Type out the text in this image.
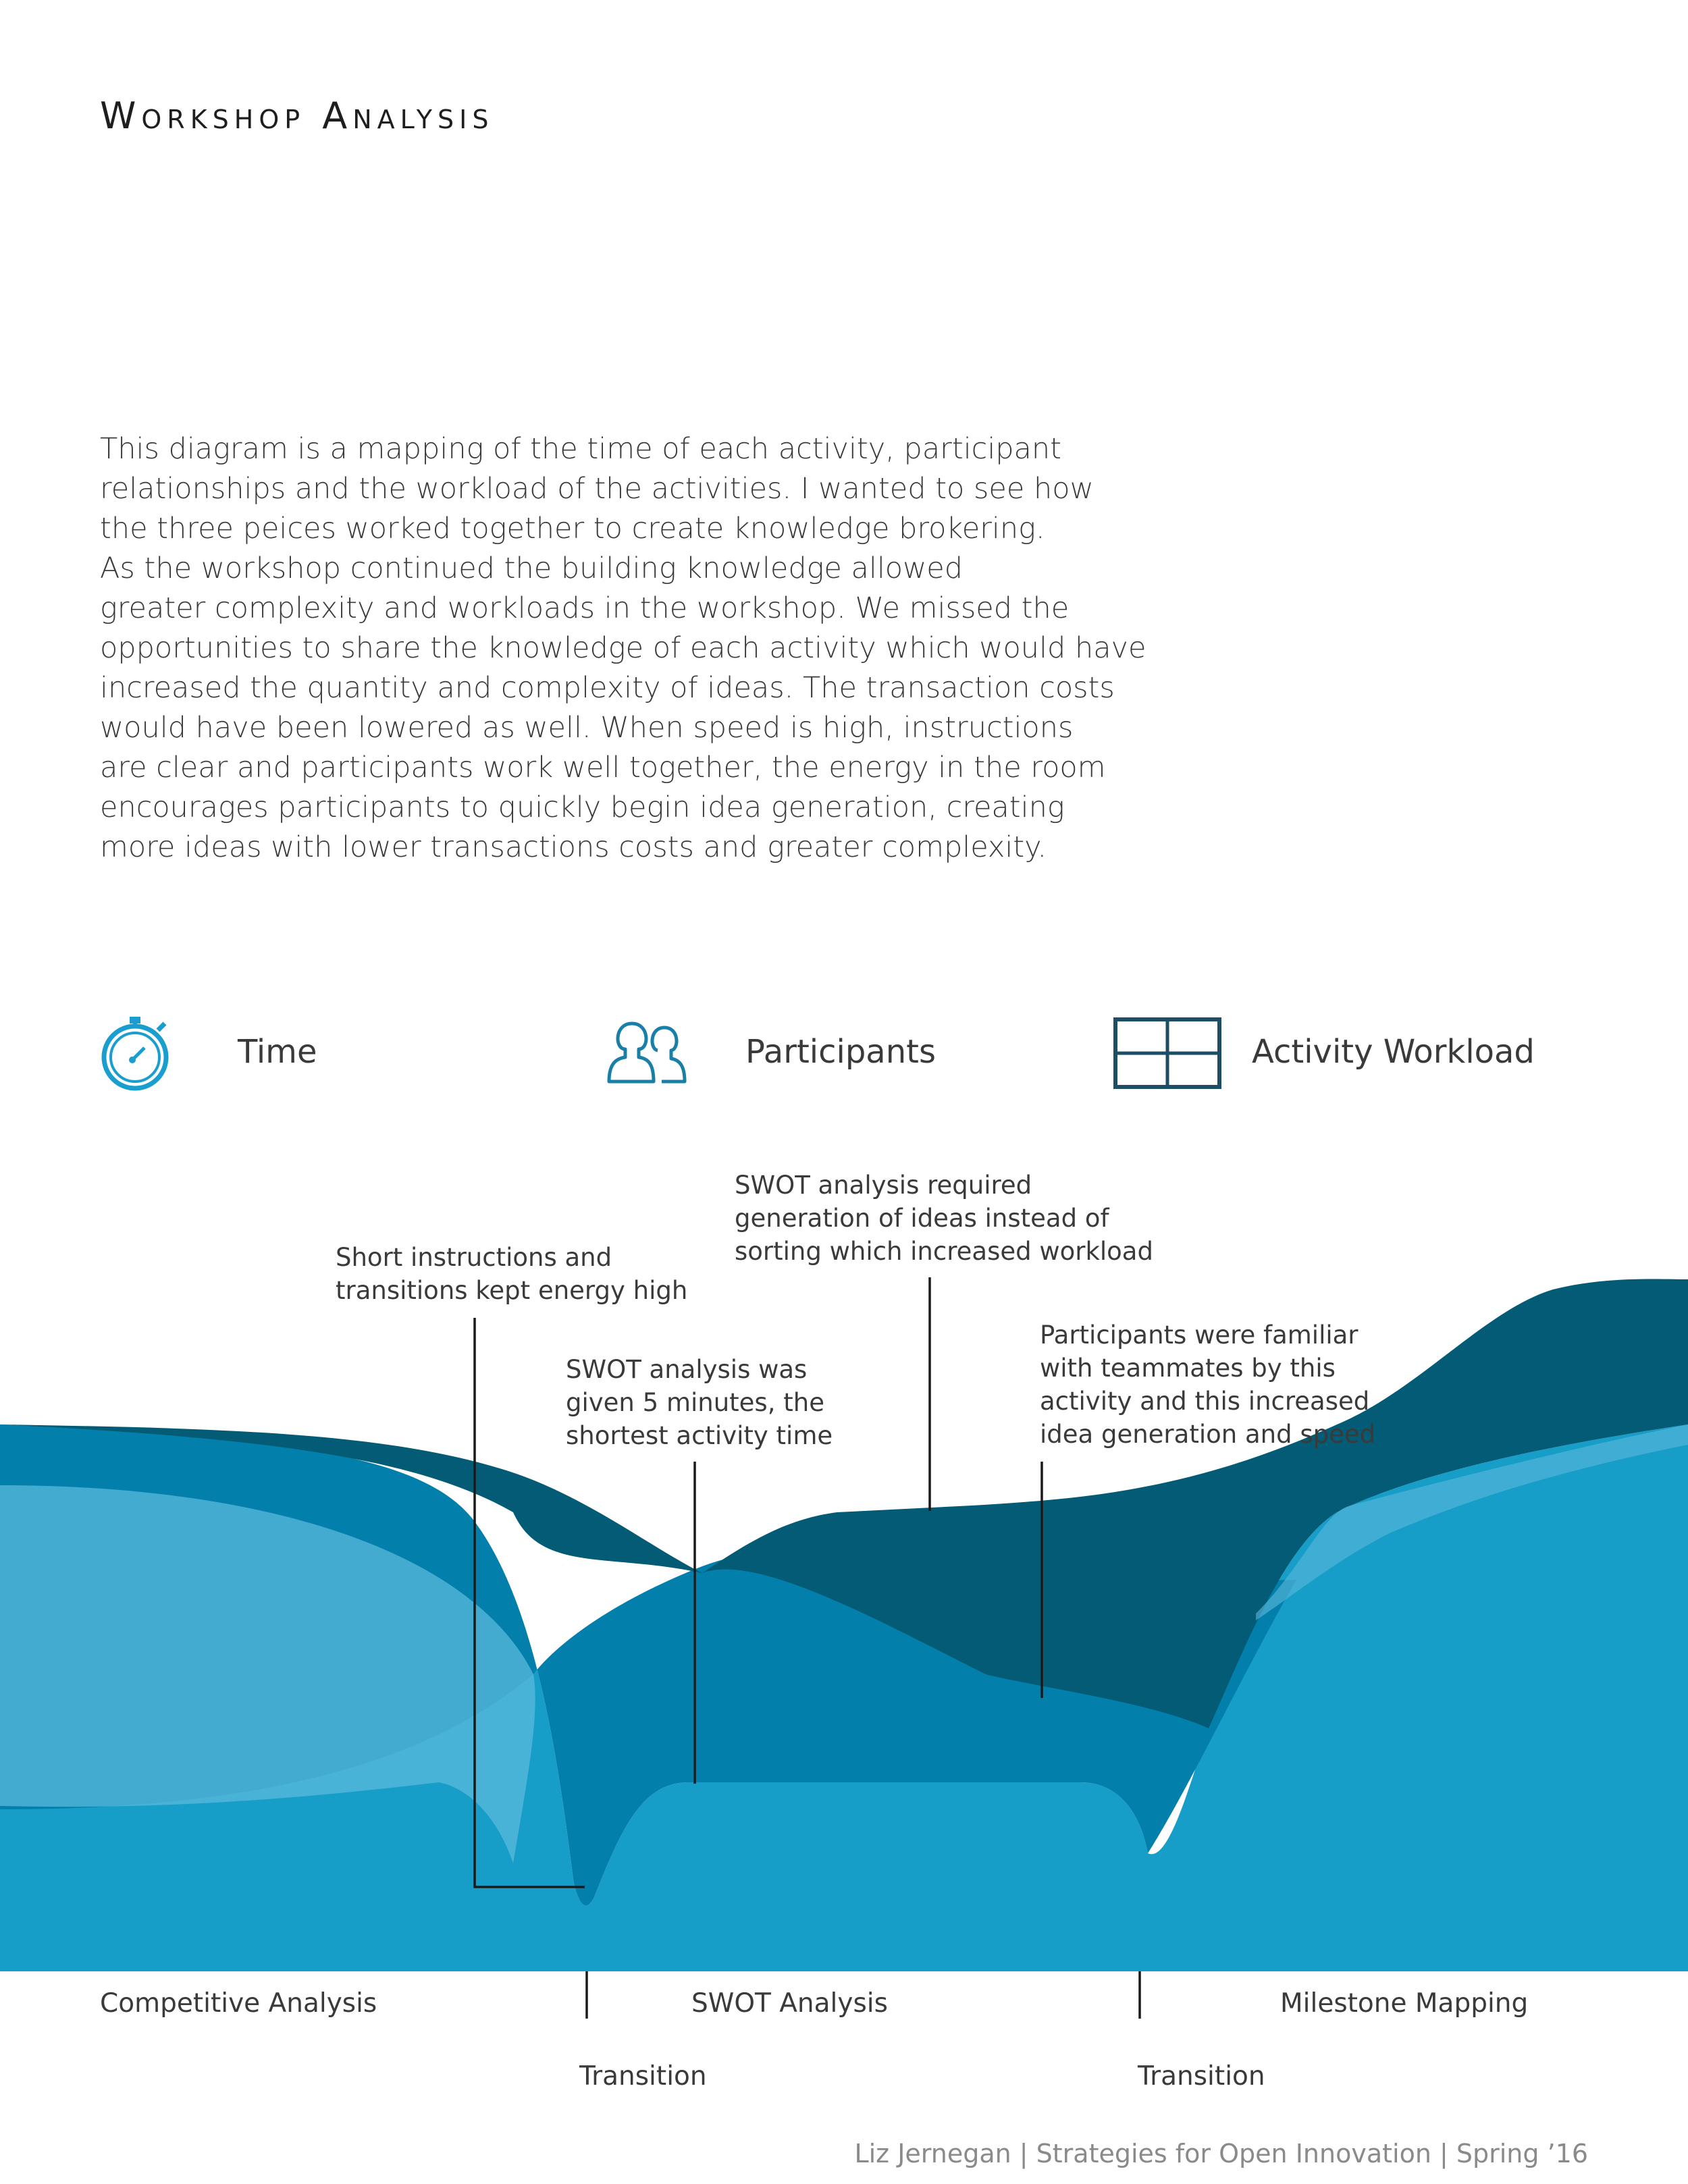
Workshop Analysis
This diagram is a mapping of the time of each activity, participant
relationships and the workload of the activities. I wanted to see how
the three peices worked together to create knowledge brokering.
As the workshop continued the building knowledge allowed
greater complexity and workloads in the workshop. We missed the
opportunities to share the knowledge of each activity which would have
increased the quantity and complexity of ideas. The transaction costs
would have been lowered as well. When speed is high, instructions
are clear and participants work well together, the energy in the room
encourages participants to quickly begin idea generation, creating
more ideas with lower transactions costs and greater complexity.
Time	Participants	Activity Workload
Short instructions and
transitions kept energy high
SWOT analysis was
given 5 minutes, the
shortest activity time
SWOT analysis required
generation of ideas instead of
sorting which increased workload
Participants were familiar
with teammates by this
activity and this increased
idea generation and speed
Competitive Analysis	SWOT Analysis	Milestone Mapping
Transition	Transition
Liz Jernegan | Strategies for Open Innovation | Spring ’16
